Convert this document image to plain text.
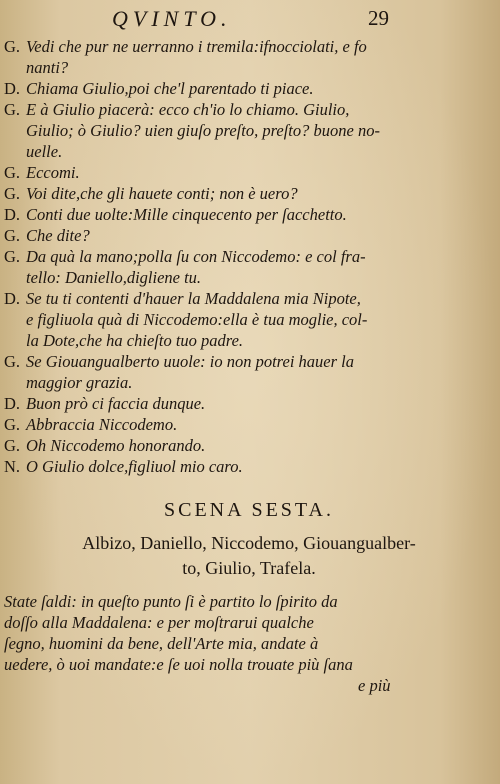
QVINTO.	29
G. Vedi che pur ne uerranno i tremila:ifnocciolati, e fo
nanti?
D. Chiama Giulio,poi che'l parentado ti piace.
G. E à Giulio piacerà: ecco ch'io lo chiamo. Giulio,
Giulio; ò Giulio? uien giuſo preſto, preſto? buone no-
uelle.
G. Eccomi.
G. Voi dite,che gli hauete conti; non è uero?
D. Conti due uolte:Mille cinquecento per ſacchetto.
G. Che dite?
G. Da quà la mano;polla ſu con Niccodemo: e col fra-
tello: Daniello,digliene tu.
D. Se tu ti contenti d'hauer la Maddalena mia Nipote,
e figliuola quà di Niccodemo:ella è tua moglie, col-
la Dote,che ha chieſto tuo padre.
G. Se Giouangualberto uuole: io non potrei hauer la
maggior grazia.
D. Buon prò ci faccia dunque.
G. Abbraccia Niccodemo.
G. Oh Niccodemo honorando.
N. O Giulio dolce,figliuol mio caro.
SCENA SESTA.
Albizo, Daniello, Niccodemo, Giouangualber-
to, Giulio, Trafela.
State ſaldi: in queſto punto ſi è partito lo ſpirito da
doſſo alla Maddalena: e per moſtrarui qualche
ſegno, huomini da bene, dell'Arte mia, andate à
uedere, ò uoi mandate:e ſe uoi nolla trouate più ſana
e più
